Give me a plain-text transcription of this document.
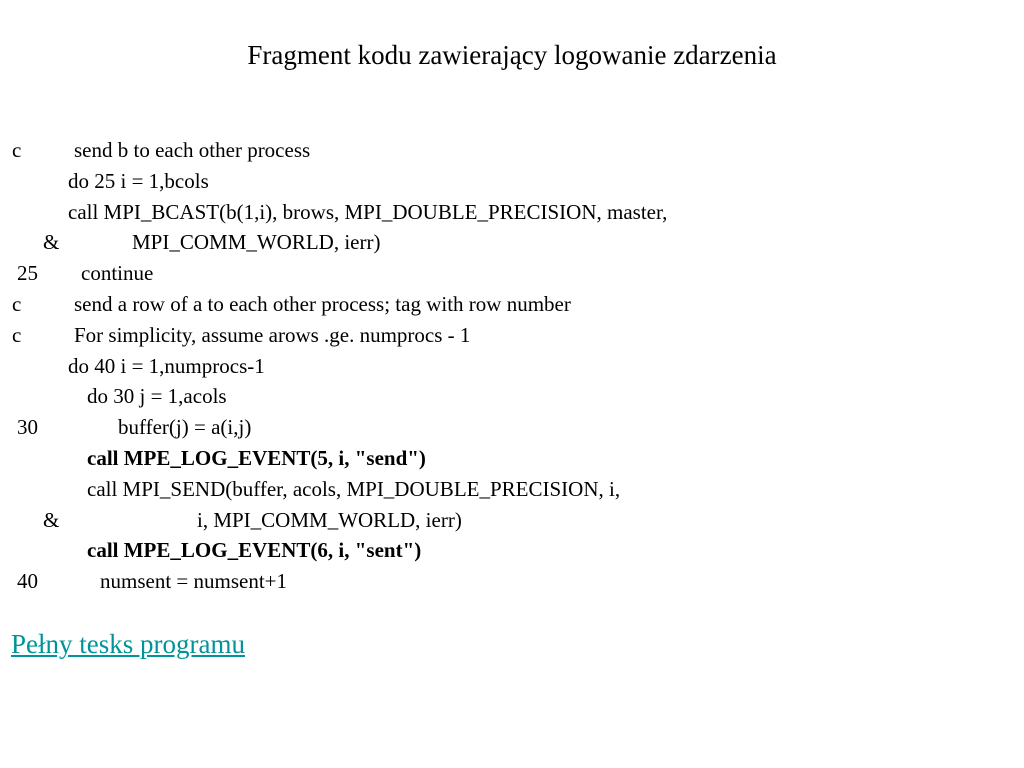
Fragment kodu zawierający logowanie zdarzenia
c	send b to each other process
do 25 i = 1,bcols
call MPI_BCAST(b(1,i), brows, MPI_DOUBLE_PRECISION, master,
&	MPI_COMM_WORLD, ierr)
25 continue
c	send a row of a to each other process; tag with row number
c	For simplicity, assume arows .ge. numprocs - 1
do 40 i = 1,numprocs-1
do 30 j = 1,acols
30	buffer(j) = a(i,j)
call MPE_LOG_EVENT(5, i, "send")
call MPI_SEND(buffer, acols, MPI_DOUBLE_PRECISION, i,
&	i, MPI_COMM_WORLD, ierr)
call MPE_LOG_EVENT(6, i, "sent")
40	numsent = numsent+1
Pełny tesks programu
